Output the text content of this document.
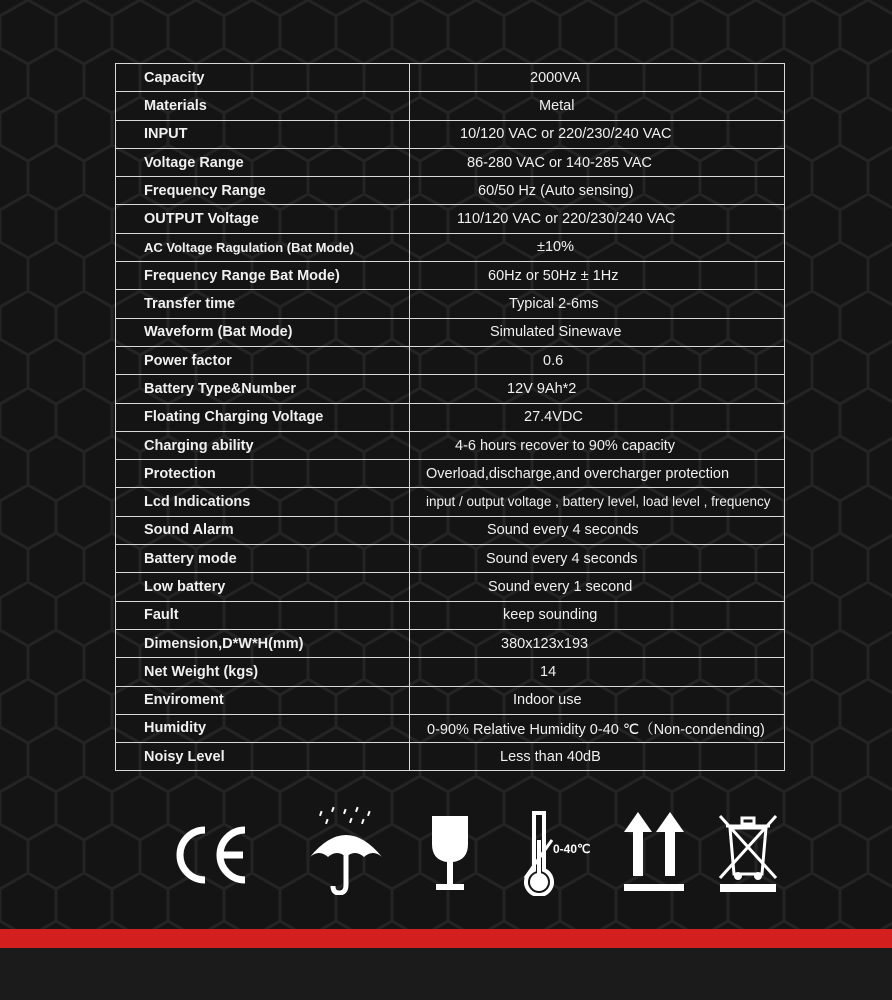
Capacity	2000VA
Materials	Metal
INPUT	10/120 VAC or 220/230/240 VAC
Voltage Range	86-280 VAC or 140-285 VAC
Frequency Range	60/50 Hz (Auto sensing)
OUTPUT Voltage	110/120 VAC or 220/230/240 VAC
AC Voltage Ragulation (Bat Mode)	±10%
Frequency Range Bat Mode)	60Hz or 50Hz ± 1Hz
Transfer time	Typical 2-6ms
Waveform (Bat Mode)	Simulated Sinewave
Power factor	0.6
Battery Type&Number	12V 9Ah*2
Floating Charging Voltage	27.4VDC
Charging ability	4-6 hours recover to 90% capacity
Protection	Overload,discharge,and overcharger protection
Lcd Indications	input / output voltage , battery level, load level , frequency
Sound Alarm	Sound every 4 seconds
Battery mode	Sound every 4 seconds
Low battery	Sound every 1 second
Fault	keep sounding
Dimension,D*W*H(mm)	380x123x193
Net Weight (kgs)	14
Enviroment	Indoor use
Humidity	0-90% Relative Humidity 0-40 ℃（Non-condending)
Noisy Level	Less than 40dB
0-40℃
